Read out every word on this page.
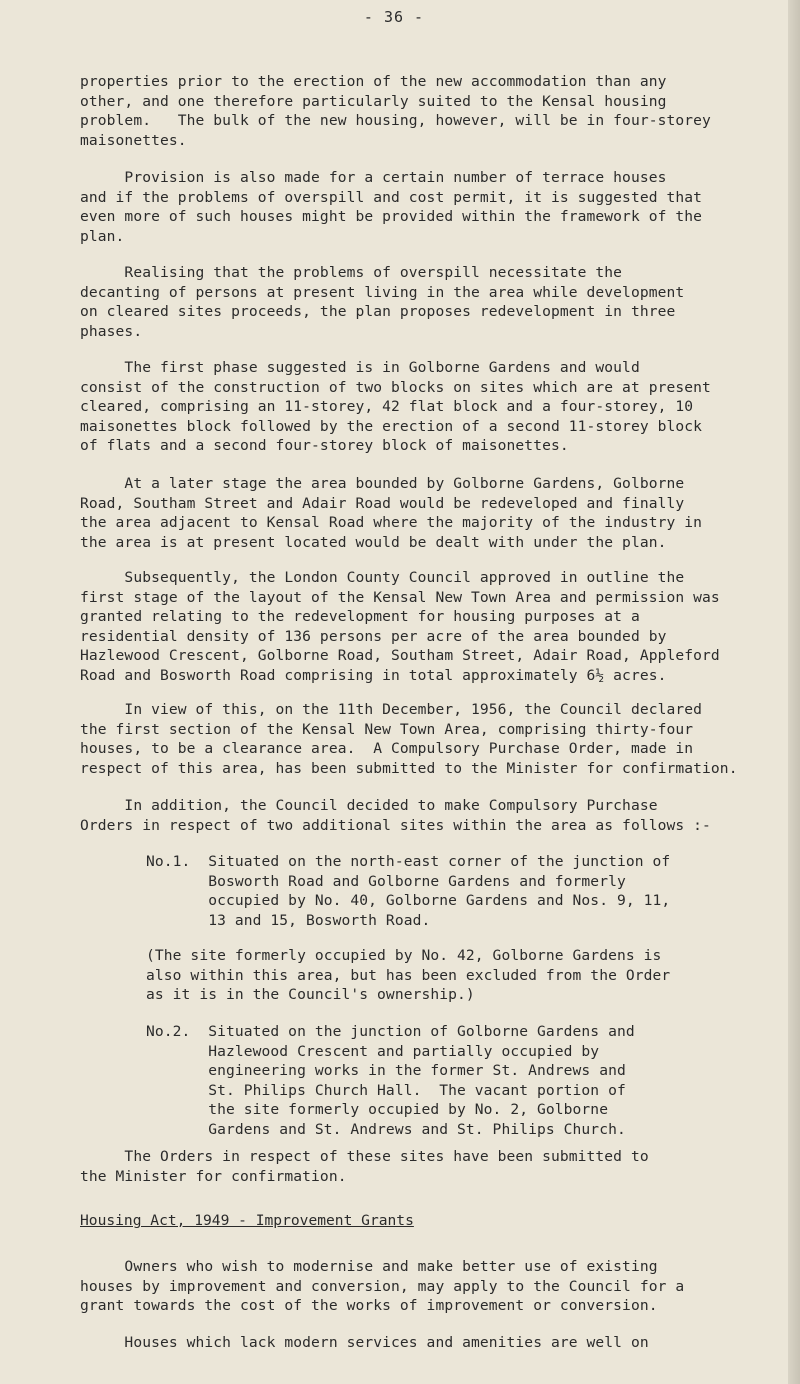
- 36 -

properties prior to the erection of the new accommodation than any
other, and one therefore particularly suited to the Kensal housing
problem.   The bulk of the new housing, however, will be in four-storey
maisonettes.

Provision is also made for a certain number of terrace houses
and if the problems of overspill and cost permit, it is suggested that
even more of such houses might be provided within the framework of the
plan.

Realising that the problems of overspill necessitate the
decanting of persons at present living in the area while development
on cleared sites proceeds, the plan proposes redevelopment in three
phases.

The first phase suggested is in Golborne Gardens and would
consist of the construction of two blocks on sites which are at present
cleared, comprising an 11-storey, 42 flat block and a four-storey, 10
maisonettes block followed by the erection of a second 11-storey block
of flats and a second four-storey block of maisonettes.

At a later stage the area bounded by Golborne Gardens, Golborne
Road, Southam Street and Adair Road would be redeveloped and finally
the area adjacent to Kensal Road where the majority of the industry in
the area is at present located would be dealt with under the plan.

Subsequently, the London County Council approved in outline the
first stage of the layout of the Kensal New Town Area and permission was
granted relating to the redevelopment for housing purposes at a
residential density of 136 persons per acre of the area bounded by
Hazlewood Crescent, Golborne Road, Southam Street, Adair Road, Appleford
Road and Bosworth Road comprising in total approximately 6½ acres.

In view of this, on the 11th December, 1956, the Council declared
the first section of the Kensal New Town Area, comprising thirty-four
houses, to be a clearance area.  A Compulsory Purchase Order, made in
respect of this area, has been submitted to the Minister for confirmation.

In addition, the Council decided to make Compulsory Purchase
Orders in respect of two additional sites within the area as follows :-

No.1.  Situated on the north-east corner of the junction of
Bosworth Road and Golborne Gardens and formerly
occupied by No. 40, Golborne Gardens and Nos. 9, 11,
13 and 15, Bosworth Road.

(The site formerly occupied by No. 42, Golborne Gardens is
also within this area, but has been excluded from the Order
as it is in the Council's ownership.)

No.2.  Situated on the junction of Golborne Gardens and
Hazlewood Crescent and partially occupied by
engineering works in the former St. Andrews and
St. Philips Church Hall.  The vacant portion of
the site formerly occupied by No. 2, Golborne
Gardens and St. Andrews and St. Philips Church.

The Orders in respect of these sites have been submitted to
the Minister for confirmation.

Housing Act, 1949 - Improvement Grants

Owners who wish to modernise and make better use of existing
houses by improvement and conversion, may apply to the Council for a
grant towards the cost of the works of improvement or conversion.

Houses which lack modern services and amenities are well on
